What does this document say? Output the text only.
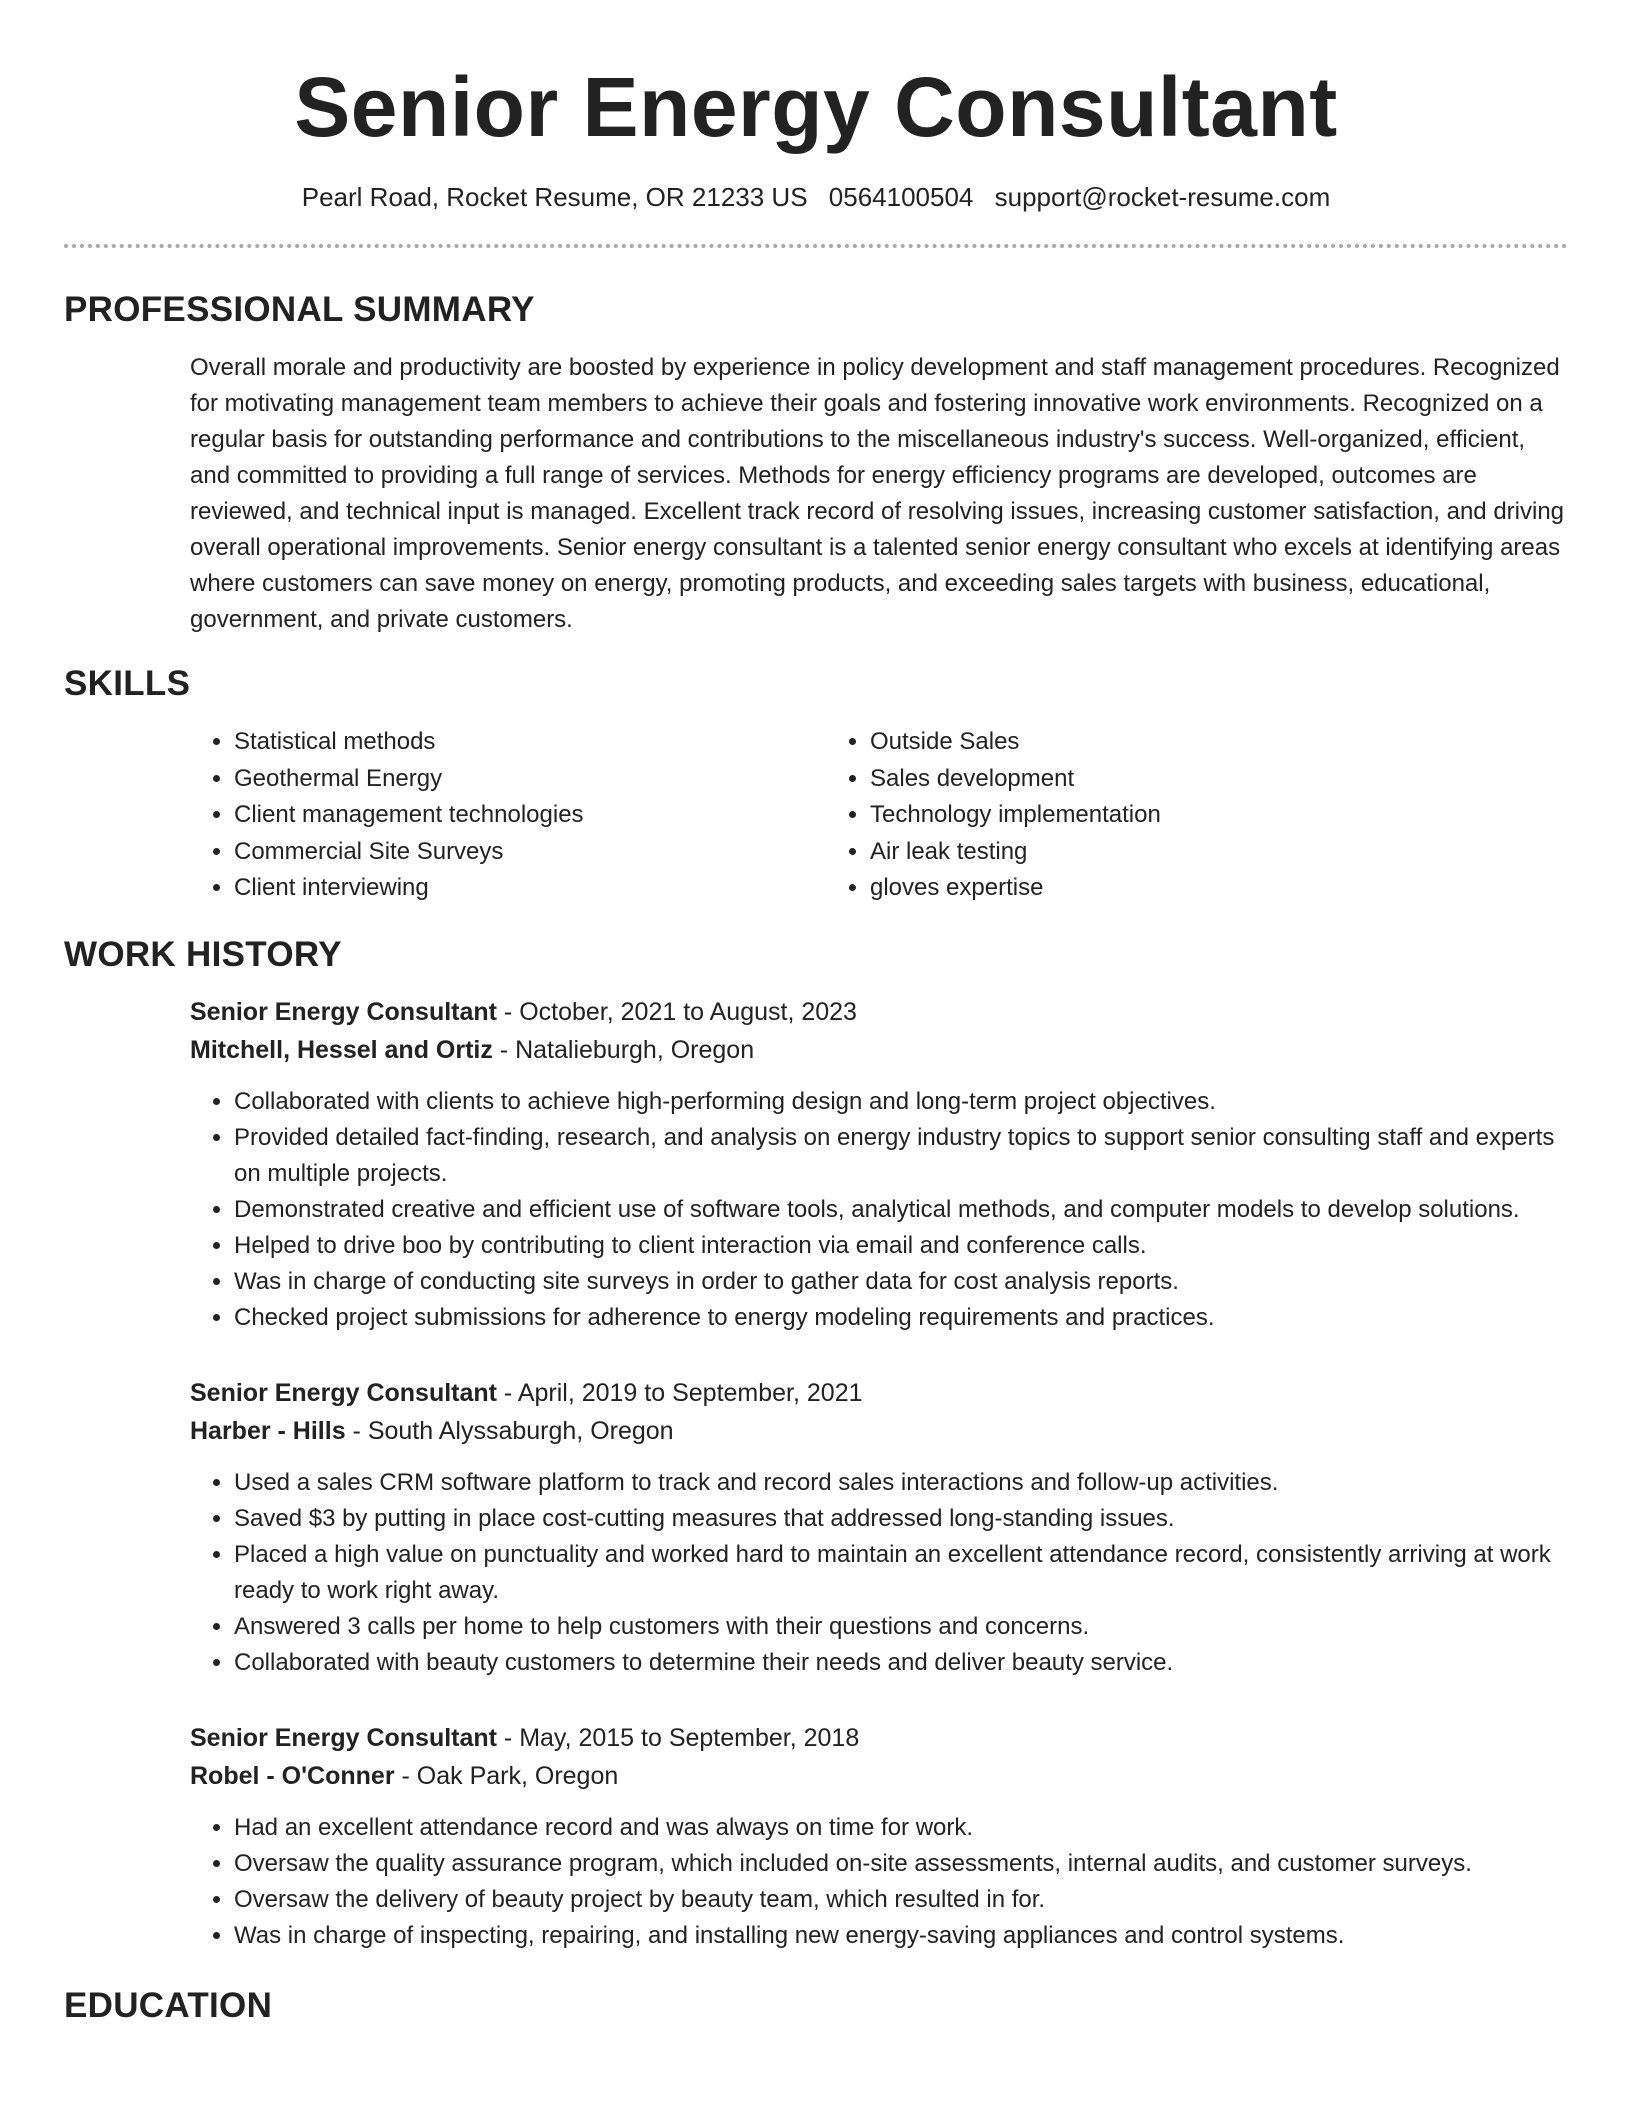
Senior Energy Consultant
Pearl Road, Rocket Resume, OR 21233 US 0564100504 support@rocket-resume.com
PROFESSIONAL SUMMARY

Overall morale and productivity are boosted by experience in policy development and staff management procedures. Recognized for motivating management team members to achieve their goals and fostering innovative work environments. Recognized on a regular basis for outstanding performance and contributions to the miscellaneous industry's success. Well-organized, efficient, and committed to providing a full range of services. Methods for energy efficiency programs are developed, outcomes are reviewed, and technical input is managed. Excellent track record of resolving issues, increasing customer satisfaction, and driving overall operational improvements. Senior energy consultant is a talented senior energy consultant who excels at identifying areas where customers can save money on energy, promoting products, and exceeding sales targets with business, educational, government, and private customers.

SKILLS
• Statistical methods
• Geothermal Energy
• Client management technologies
• Commercial Site Surveys
• Client interviewing
• Outside Sales
• Sales development
• Technology implementation
• Air leak testing
• gloves expertise
WORK HISTORY
Senior Energy Consultant - October, 2021 to August, 2023
Mitchell, Hessel and Ortiz - Natalieburgh, Oregon
• Collaborated with clients to achieve high-performing design and long-term project objectives.
• Provided detailed fact-finding, research, and analysis on energy industry topics to support senior consulting staff and experts on multiple projects.
• Demonstrated creative and efficient use of software tools, analytical methods, and computer models to develop solutions.
• Helped to drive boo by contributing to client interaction via email and conference calls.
• Was in charge of conducting site surveys in order to gather data for cost analysis reports.
• Checked project submissions for adherence to energy modeling requirements and practices.
Senior Energy Consultant - April, 2019 to September, 2021
Harber - Hills - South Alyssaburgh, Oregon
• Used a sales CRM software platform to track and record sales interactions and follow-up activities.
• Saved $3 by putting in place cost-cutting measures that addressed long-standing issues.
• Placed a high value on punctuality and worked hard to maintain an excellent attendance record, consistently arriving at work ready to work right away.
• Answered 3 calls per home to help customers with their questions and concerns.
• Collaborated with beauty customers to determine their needs and deliver beauty service.
Senior Energy Consultant - May, 2015 to September, 2018
Robel - O'Conner - Oak Park, Oregon
• Had an excellent attendance record and was always on time for work.
• Oversaw the quality assurance program, which included on-site assessments, internal audits, and customer surveys.
• Oversaw the delivery of beauty project by beauty team, which resulted in for.
• Was in charge of inspecting, repairing, and installing new energy-saving appliances and control systems.
EDUCATION
